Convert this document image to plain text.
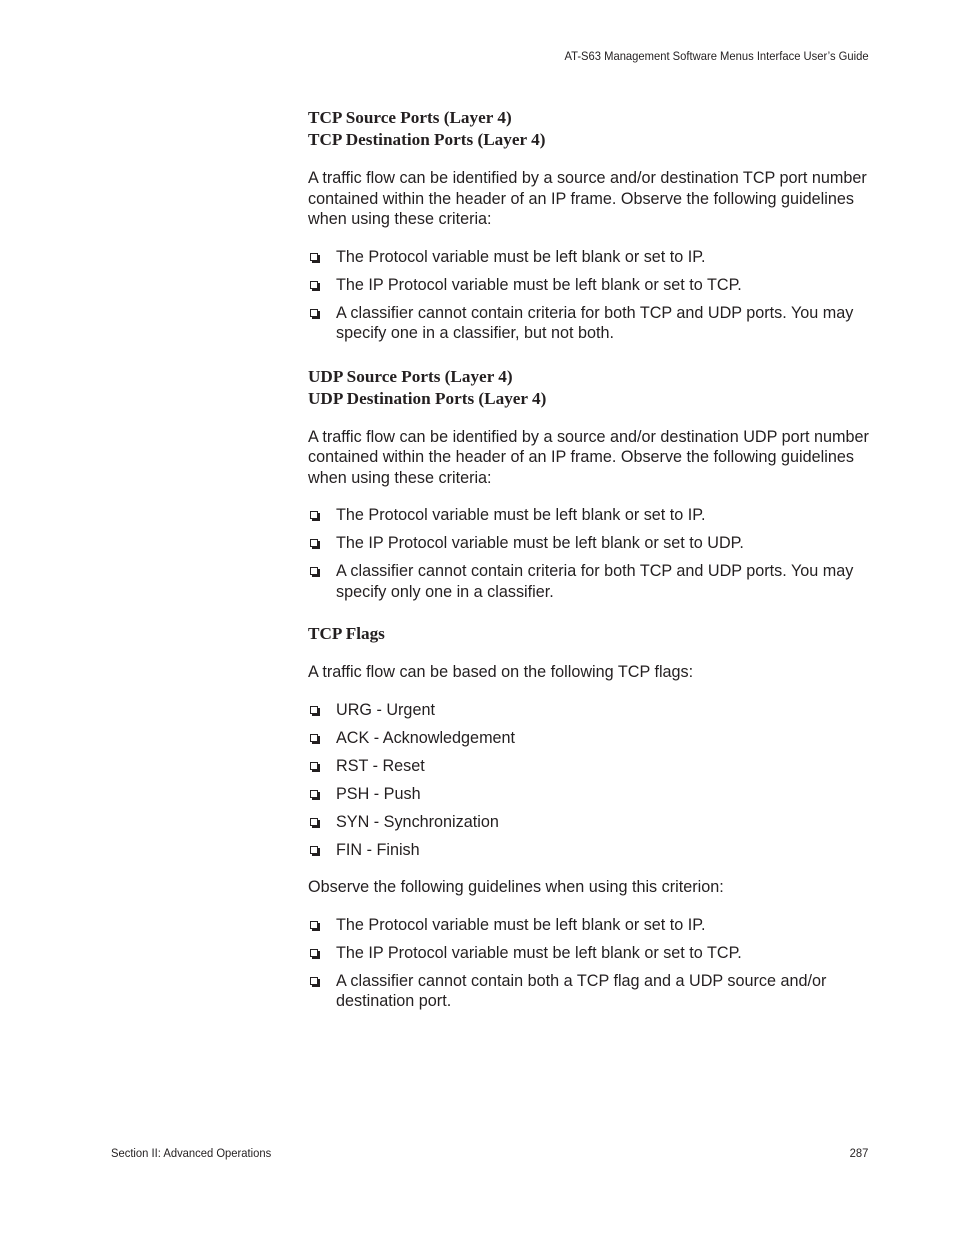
AT-S63 Management Software Menus Interface User’s Guide

TCP Source Ports (Layer 4)

TCP Destination Ports (Layer 4)

A traffic flow can be identified by a source and/or destination TCP port number contained within the header of an IP frame. Observe the following guidelines when using these criteria:

The Protocol variable must be left blank or set to IP.
The IP Protocol variable must be left blank or set to TCP.
A classifier cannot contain criteria for both TCP and UDP ports. You may specify one in a classifier, but not both.

UDP Source Ports (Layer 4)

UDP Destination Ports (Layer 4)

A traffic flow can be identified by a source and/or destination UDP port number contained within the header of an IP frame. Observe the following guidelines when using these criteria:

The Protocol variable must be left blank or set to IP.
The IP Protocol variable must be left blank or set to UDP.
A classifier cannot contain criteria for both TCP and UDP ports. You may specify only one in a classifier.

TCP Flags

A traffic flow can be based on the following TCP flags:

URG - Urgent
ACK - Acknowledgement
RST - Reset
PSH - Push
SYN - Synchronization
FIN - Finish

Observe the following guidelines when using this criterion:

The Protocol variable must be left blank or set to IP.
The IP Protocol variable must be left blank or set to TCP.
A classifier cannot contain both a TCP flag and a UDP source and/or destination port.
Section II: Advanced Operations	287
